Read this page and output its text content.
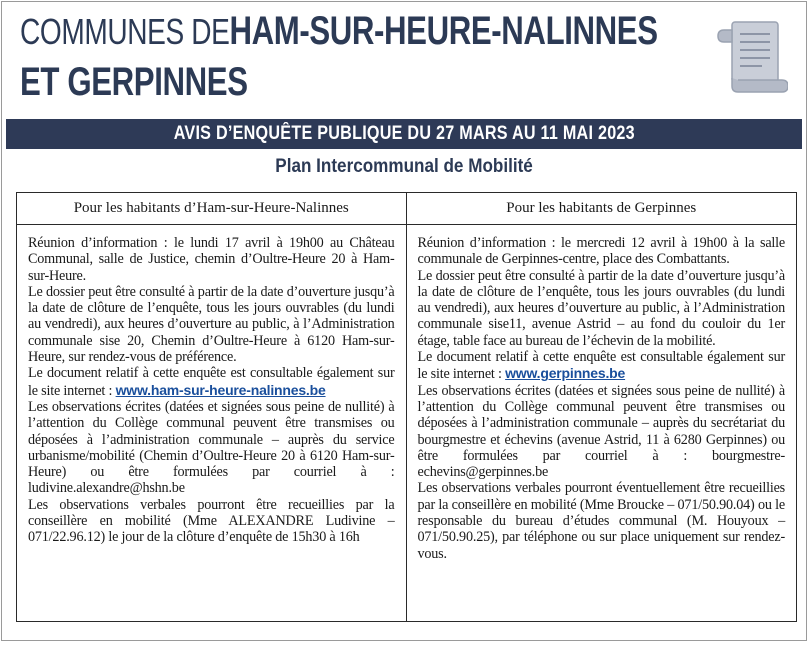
COMMUNES DEHAM-SUR-HEURE-NALINNES ET GERPINNES
AVIS D’ENQUÊTE PUBLIQUE DU 27 MARS AU 11 MAI 2023
Plan Intercommunal de Mobilité
Pour les habitants d’Ham-sur-Heure-Nalinnes

Réunion d’information : le lundi 17 avril à 19h00 au Château Communal, salle de Justice, chemin d’Oultre-Heure 20 à Ham-sur-Heure.

Le dossier peut être consulté à partir de la date d’ouverture jusqu’à la date de clôture de l’enquête, tous les jours ouvrables (du lundi au vendredi), aux heures d’ouverture au public, à l’Administration communale sise 20, Chemin d’Oultre-Heure à 6120 Ham-sur-Heure, sur rendez-vous de préférence.

Le document relatif à cette enquête est consultable également sur le site internet : www.ham-sur-heure-nalinnes.be

Les observations écrites (datées et signées sous peine de nullité) à l’attention du Collège communal peuvent être transmises ou déposées à l’administration communale – auprès du service urbanisme/mobilité (Chemin d’Oultre-Heure 20 à 6120 Ham-sur-Heure) ou être formulées par courriel à : ludivine.alexandre@hshn.be

Les observations verbales pourront être recueillies par la conseillère en mobilité (Mme ALEXANDRE Ludivine – 071/22.96.12) le jour de la clôture d’enquête de 15h30 à 16h

Pour les habitants de Gerpinnes

Réunion d’information : le mercredi 12 avril à 19h00 à la salle communale de Gerpinnes-centre, place des Combattants.

Le dossier peut être consulté à partir de la date d’ouverture jusqu’à la date de clôture de l’enquête, tous les jours ouvrables (du lundi au vendredi), aux heures d’ouverture au public, à l’Administration communale sise11, avenue Astrid – au fond du couloir du 1er étage, table face au bureau de l’échevin de la mobilité.

Le document relatif à cette enquête est consultable également sur le site internet : www.gerpinnes.be

Les observations écrites (datées et signées sous peine de nullité) à l’attention du Collège communal peuvent être transmises ou déposées à l’administration communale – auprès du secrétariat du bourgmestre et échevins (avenue Astrid, 11 à 6280 Gerpinnes) ou être formulées par courriel à : bourgmestre-echevins@gerpinnes.be

Les observations verbales pourront éventuellement être recueillies par la conseillère en mobilité (Mme Broucke – 071/50.90.04) ou le responsable du bureau d’études communal (M. Houyoux – 071/50.90.25), par téléphone ou sur place uniquement sur rendez-vous.
